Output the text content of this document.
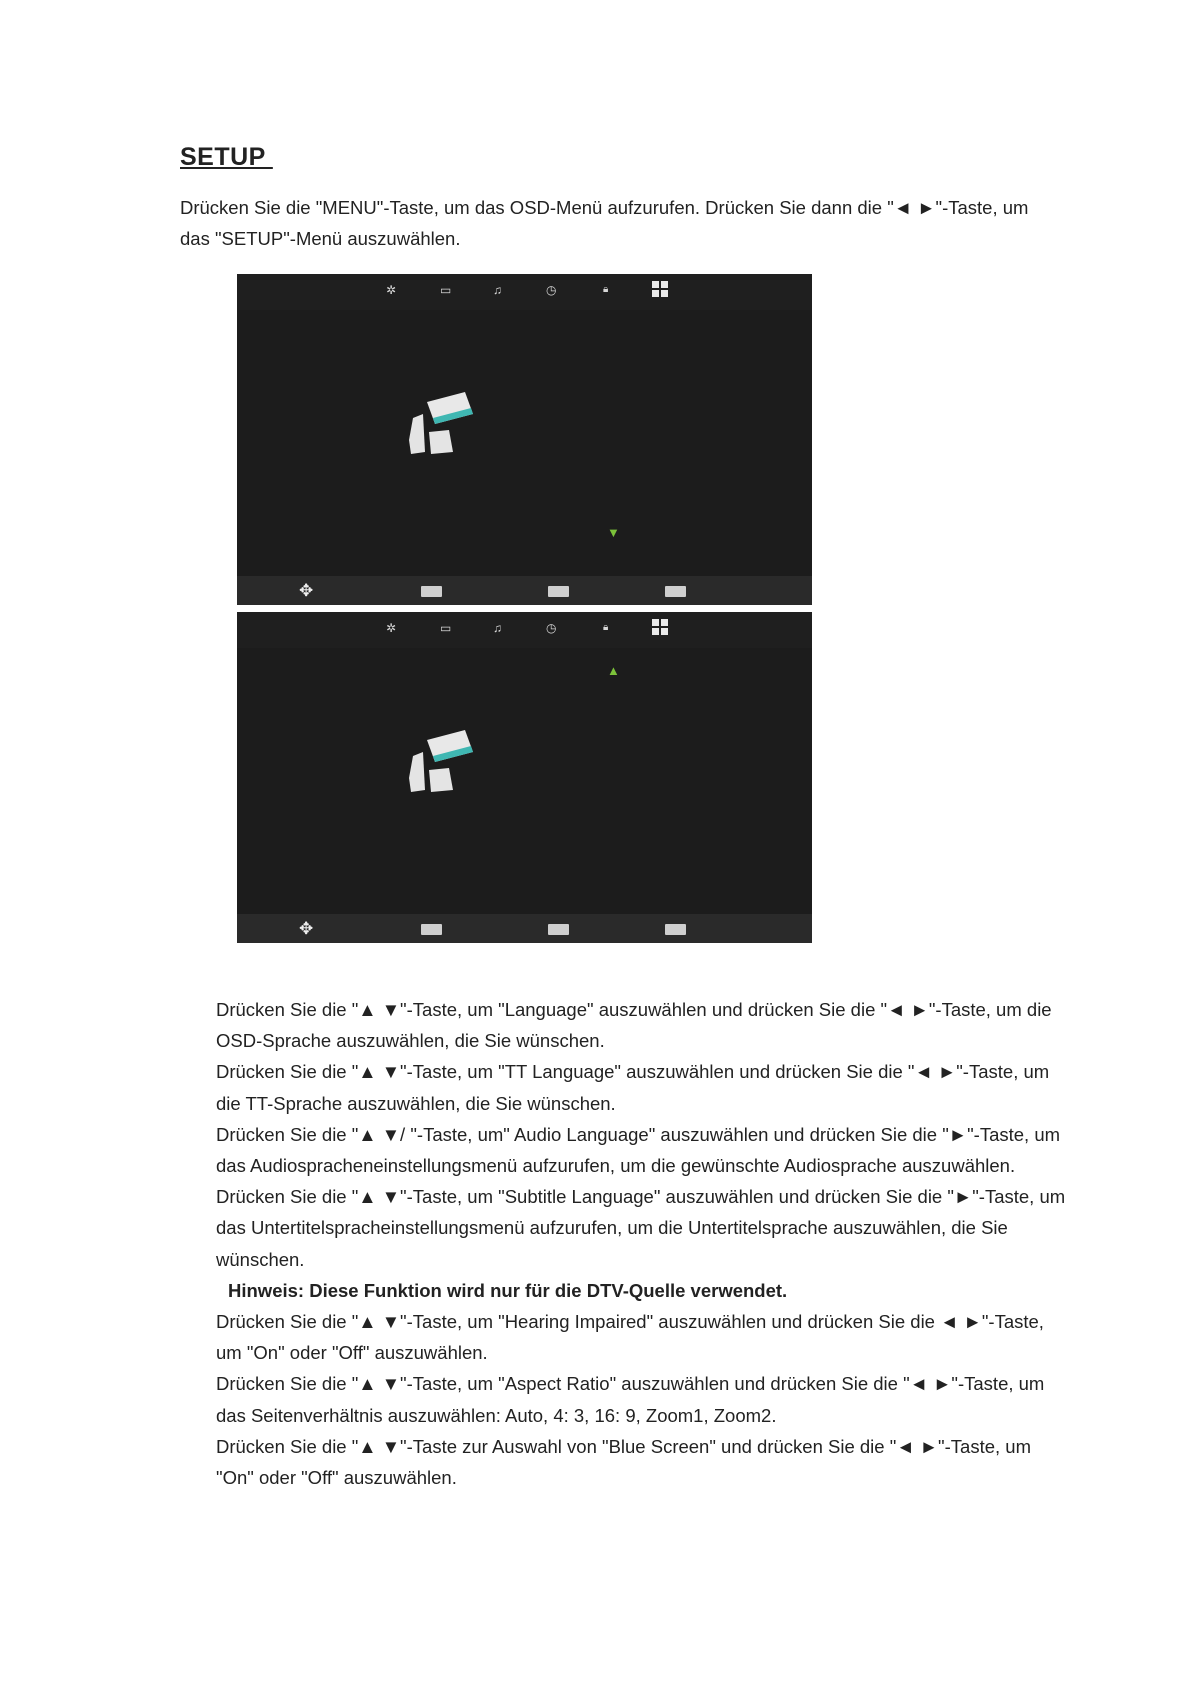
SETUP
Drücken Sie die "MENU"-Taste, um das OSD-Menü aufzurufen. Drücken Sie dann die "◄ ►"-Taste, um das "SETUP"-Menü auszuwählen.
✲	▭	♫	◷	🔒︎
▼
✥
✲	▭	♫	◷	🔒︎
▲
✥

Drücken Sie die "▲ ▼"-Taste, um "Language" auszuwählen und drücken Sie die "◄ ►"-Taste, um die OSD-Sprache auszuwählen, die Sie wünschen.

Drücken Sie die "▲ ▼"-Taste, um "TT Language" auszuwählen und drücken Sie die "◄ ►"-Taste, um die TT-Sprache auszuwählen, die Sie wünschen.

Drücken Sie die "▲ ▼/ "-Taste, um" Audio Language" auszuwählen und drücken Sie die "►"-Taste, um das Audiospracheneinstellungsmenü aufzurufen, um die gewünschte Audiosprache auszuwählen.

Drücken Sie die "▲ ▼"-Taste, um "Subtitle Language" auszuwählen und drücken Sie die "►"-Taste, um das Untertitelspracheinstellungsmenü aufzurufen, um die Untertitelsprache auszuwählen, die Sie wünschen.

Hinweis: Diese Funktion wird nur für die DTV-Quelle verwendet.

Drücken Sie die "▲ ▼"-Taste, um "Hearing Impaired" auszuwählen und drücken Sie die ◄ ►"-Taste, um "On" oder "Off" auszuwählen.

Drücken Sie die "▲ ▼"-Taste, um "Aspect Ratio" auszuwählen und drücken Sie die "◄ ►"-Taste, um das Seitenverhältnis auszuwählen: Auto, 4: 3, 16: 9, Zoom1, Zoom2.

Drücken Sie die "▲ ▼"-Taste zur Auswahl von "Blue Screen" und drücken Sie die "◄ ►"-Taste, um "On" oder "Off" auszuwählen.
